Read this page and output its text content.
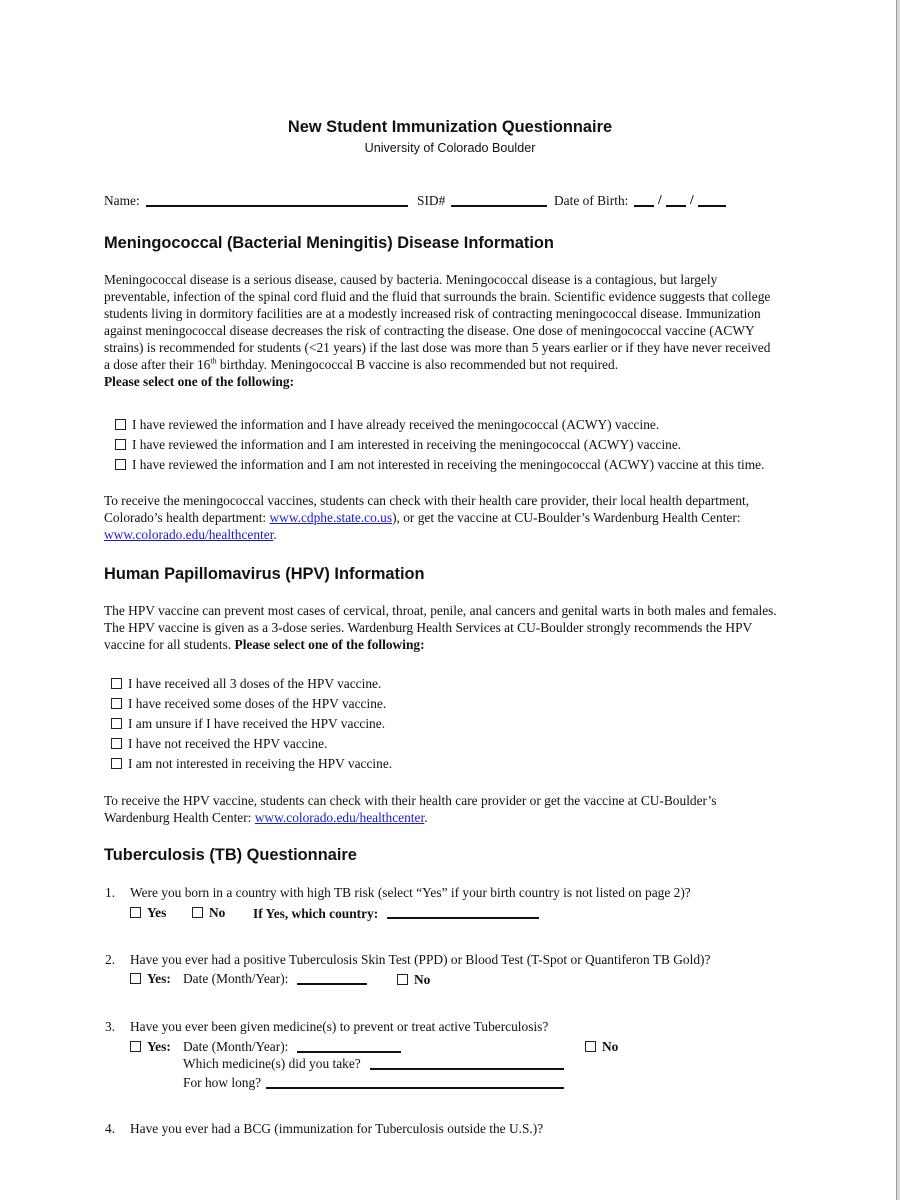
New Student Immunization Questionnaire
University of Colorado Boulder
Name:	SID#	Date of Birth: / /
Meningococcal (Bacterial Meningitis) Disease Information
Meningococcal disease is a serious disease, caused by bacteria. Meningococcal disease is a contagious, but largely
preventable, infection of the spinal cord fluid and the fluid that surrounds the brain. Scientific evidence suggests that college
students living in dormitory facilities are at a modestly increased risk of contracting meningococcal disease. Immunization
against meningococcal disease decreases the risk of contracting the disease. One dose of meningococcal vaccine (ACWY
strains) is recommended for students (<21 years) if the last dose was more than 5 years earlier or if they have never received
a dose after their 16th birthday. Meningococcal B vaccine is also recommended but not required.
Please select one of the following:
I have reviewed the information and I have already received the meningococcal (ACWY) vaccine.
I have reviewed the information and I am interested in receiving the meningococcal (ACWY) vaccine.
I have reviewed the information and I am not interested in receiving the meningococcal (ACWY) vaccine at this time.
To receive the meningococcal vaccines, students can check with their health care provider, their local health department,
Colorado’s health department: www.cdphe.state.co.us), or get the vaccine at CU-Boulder’s Wardenburg Health Center:
www.colorado.edu/healthcenter.
Human Papillomavirus (HPV) Information
The HPV vaccine can prevent most cases of cervical, throat, penile, anal cancers and genital warts in both males and females.
The HPV vaccine is given as a 3-dose series. Wardenburg Health Services at CU-Boulder strongly recommends the HPV
vaccine for all students. Please select one of the following:
I have received all 3 doses of the HPV vaccine.
I have received some doses of the HPV vaccine.
I am unsure if I have received the HPV vaccine.
I have not received the HPV vaccine.
I am not interested in receiving the HPV vaccine.
To receive the HPV vaccine, students can check with their health care provider or get the vaccine at CU-Boulder’s
Wardenburg Health Center: www.colorado.edu/healthcenter.
Tuberculosis (TB) Questionnaire
1. Were you born in a country with high TB risk (select “Yes” if your birth country is not listed on page 2)?
Yes	No If Yes, which country:
2. Have you ever had a positive Tuberculosis Skin Test (PPD) or Blood Test (T-Spot or Quantiferon TB Gold)?
Yes: Date (Month/Year):	No
3. Have you ever been given medicine(s) to prevent or treat active Tuberculosis?
Yes: Date (Month/Year):	No
Which medicine(s) did you take?
For how long?
4. Have you ever had a BCG (immunization for Tuberculosis outside the U.S.)?
